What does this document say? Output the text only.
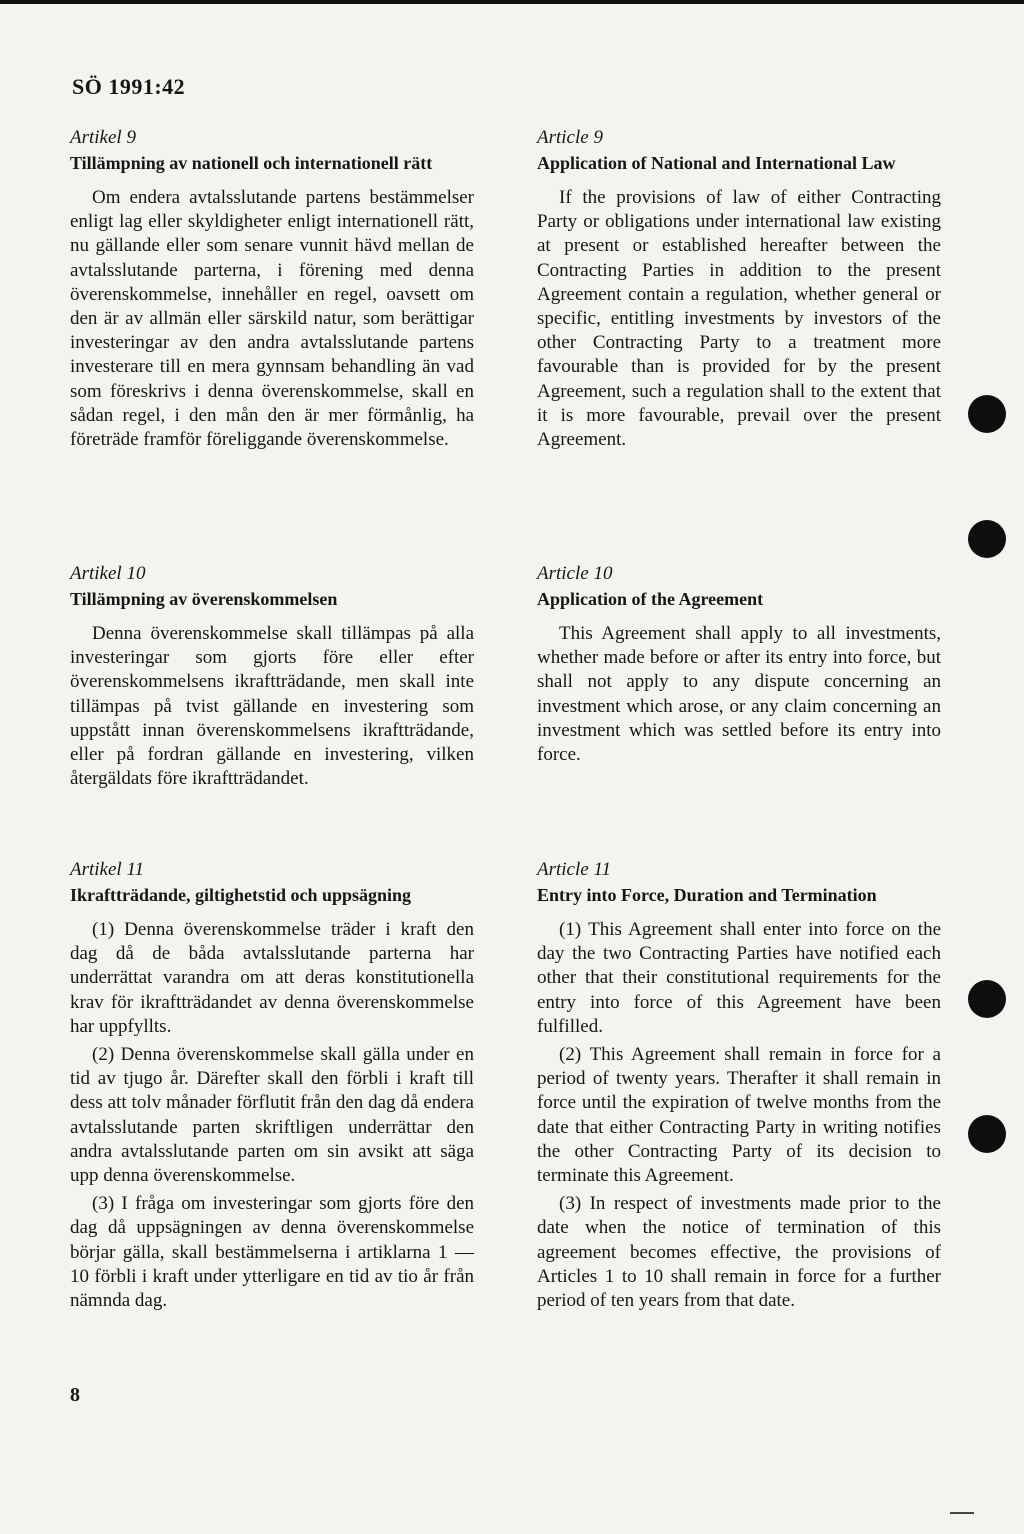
SÖ 1991:42
Artikel 9
Tillämpning av nationell och internationell rätt

Om endera avtalsslutande partens bestämmelser enligt lag eller skyldigheter enligt internationell rätt, nu gällande eller som senare vunnit hävd mellan de avtalsslutande parterna, i förening med denna överenskommelse, innehåller en regel, oavsett om den är av allmän eller särskild natur, som berättigar investeringar av den andra avtalsslutande partens investerare till en mera gynnsam behandling än vad som föreskrivs i denna överenskommelse, skall en sådan regel, i den mån den är mer förmånlig, ha företräde framför föreliggande överenskommelse.

Artikel 10
Tillämpning av överenskommelsen

Denna överenskommelse skall tillämpas på alla investeringar som gjorts före eller efter överenskommelsens ikraftträdande, men skall inte tillämpas på tvist gällande en investering som uppstått innan överenskommelsens ikraftträdande, eller på fordran gällande en investering, vilken återgäldats före ikraftträdandet.

Artikel 11
Ikraftträdande, giltighetstid och uppsägning

(1) Denna överenskommelse träder i kraft den dag då de båda avtalsslutande parterna har underrättat varandra om att deras konstitutionella krav för ikraftträdandet av denna överenskommelse har uppfyllts.

(2) Denna överenskommelse skall gälla under en tid av tjugo år. Därefter skall den förbli i kraft till dess att tolv månader förflutit från den dag då endera avtalsslutande parten skriftligen underrättar den andra avtalsslutande parten om sin avsikt att säga upp denna överenskommelse.

(3) I fråga om investeringar som gjorts före den dag då uppsägningen av denna överenskommelse börjar gälla, skall bestämmelserna i artiklarna 1 — 10 förbli i kraft under ytterligare en tid av tio år från nämnda dag.

Article 9
Application of National and International Law

If the provisions of law of either Contracting Party or obligations under international law existing at present or established hereafter between the Contracting Parties in addition to the present Agreement contain a regulation, whether general or specific, entitling investments by investors of the other Contracting Party to a treatment more favourable than is provided for by the present Agreement, such a regulation shall to the extent that it is more favourable, prevail over the present Agreement.

Article 10
Application of the Agreement

This Agreement shall apply to all investments, whether made before or after its entry into force, but shall not apply to any dispute concerning an investment which arose, or any claim concerning an investment which was settled before its entry into force.

Article 11
Entry into Force, Duration and Termination

(1) This Agreement shall enter into force on the day the two Contracting Parties have notified each other that their constitutional requirements for the entry into force of this Agreement have been fulfilled.

(2) This Agreement shall remain in force for a period of twenty years. Therafter it shall remain in force until the expiration of twelve months from the date that either Contracting Party in writing notifies the other Contracting Party of its decision to terminate this Agreement.

(3) In respect of investments made prior to the date when the notice of termination of this agreement becomes effective, the provisions of Articles 1 to 10 shall remain in force for a further period of ten years from that date.

8
